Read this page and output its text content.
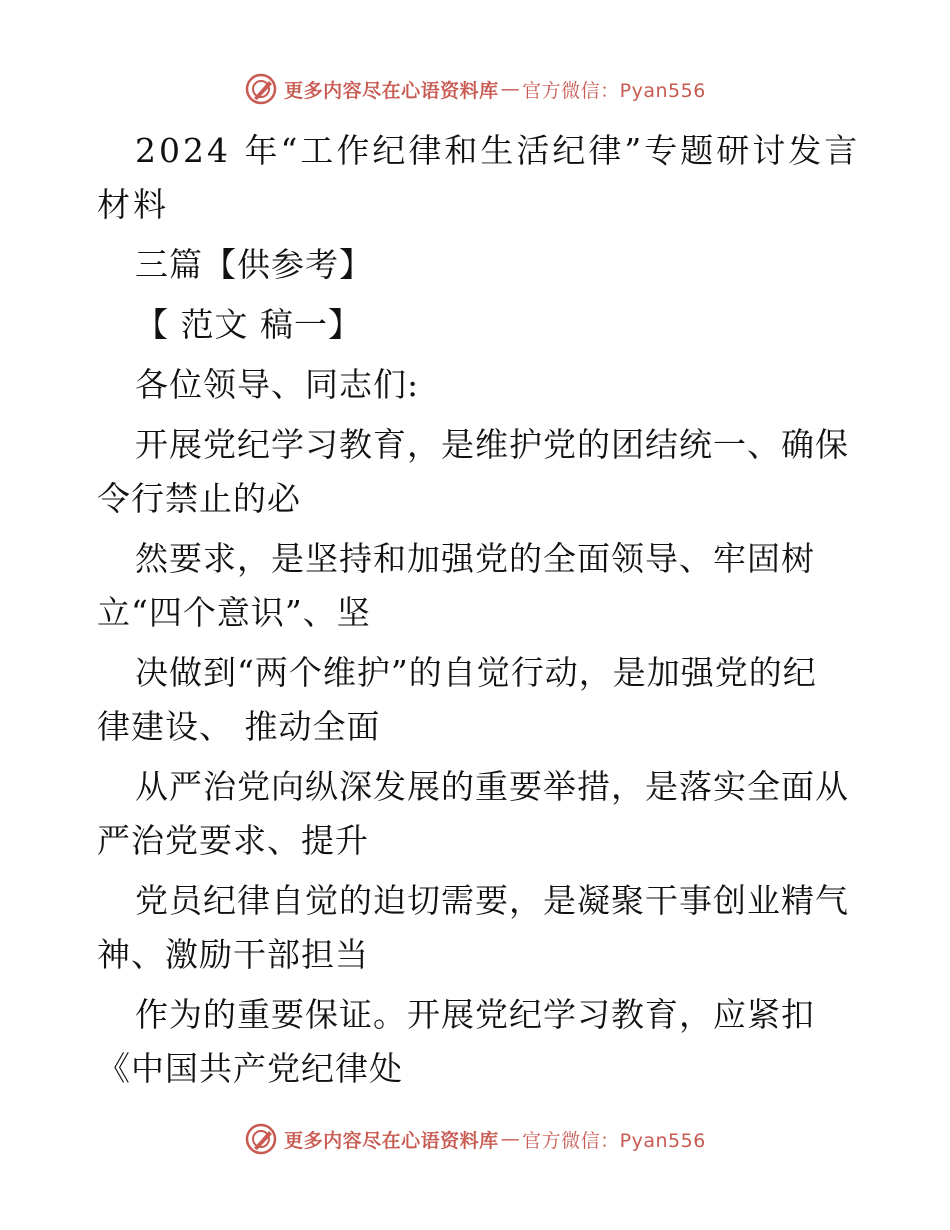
更多内容尽在心语资料库 — 官方微信：Pyan556
2024 年“工作纪律和生活纪律”专题研讨发言
材料
三篇【供参考】
【 范文 稿一】
各位领导、同志们:
开展党纪学习教育，是维护党的团结统一、确保
令行禁止的必
然要求，是坚持和加强党的全面领导、牢固树
立“四个意识”、坚
决做到“两个维护”的自觉行动，是加强党的纪
律建设、 推动全面
从严治党向纵深发展的重要举措，是落实全面从
严治党要求、提升
党员纪律自觉的迫切需要，是凝聚干事创业精气
神、激励干部担当
作为的重要保证。开展党纪学习教育，应紧扣
《中国共产党纪律处
更多内容尽在心语资料库 — 官方微信：Pyan556
